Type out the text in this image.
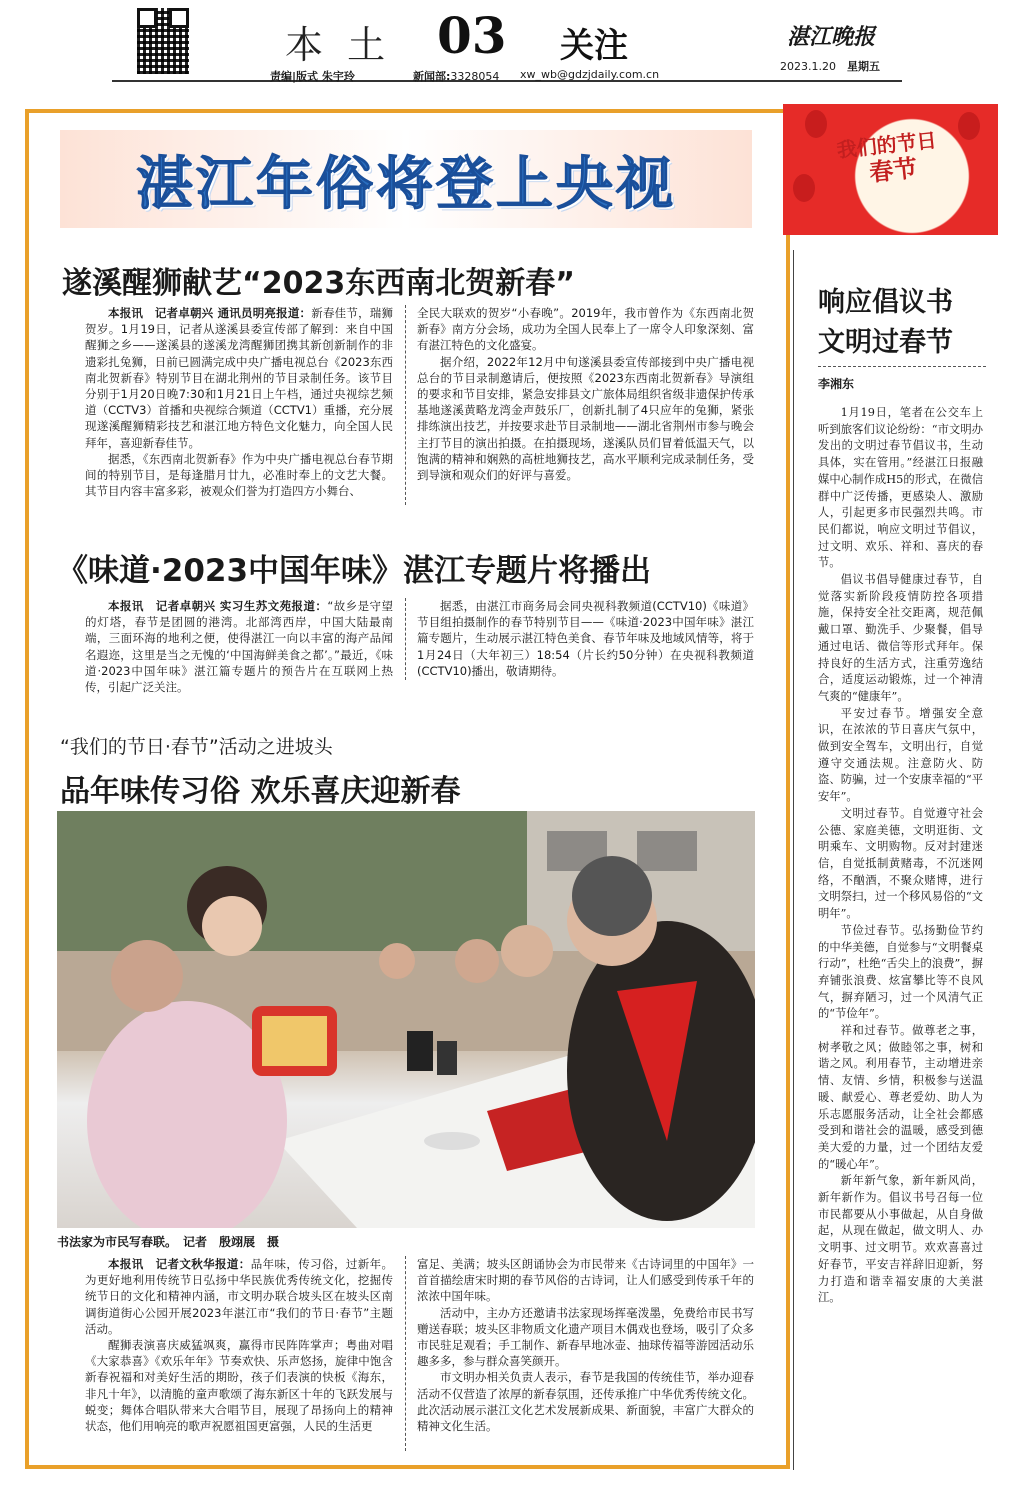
本 土 03 关注	湛江晚报
责编|版式 朱宇玲	新闻部:3328054 xw_wb@gdzjdaily.com.cn
2023.1.20　 星期五
湛江年俗将登上央视
我们的节日
春节
遂溪醒狮献艺“2023东西南北贺新春”

本报讯　记者卓朝兴 通讯员明亮报道：新春佳节，瑞狮贺岁。1月19日，记者从遂溪县委宣传部了解到：来自中国醒狮之乡——遂溪县的遂溪龙湾醒狮团携其新创新制作的非遗彩扎兔狮，日前已圆满完成中央广播电视总台《2023东西南北贺新春》特别节目在湖北荆州的节目录制任务。该节目分别于1月20日晚7:30和1月21日上午档，通过央视综艺频道（CCTV3）首播和央视综合频道（CCTV1）重播，充分展现遂溪醒狮精彩技艺和湛江地方特色文化魅力，向全国人民拜年，喜迎新春佳节。

据悉，《东西南北贺新春》作为中央广播电视总台春节期间的特别节目，是每逢腊月廿九，必准时奉上的文艺大餐。其节目内容丰富多彩，被观众们誉为打造四方小舞台、

全民大联欢的贺岁“小春晚”。2019年，我市曾作为《东西南北贺新春》南方分会场，成功为全国人民奉上了一席令人印象深刻、富有湛江特色的文化盛宴。

据介绍，2022年12月中旬遂溪县委宣传部接到中央广播电视总台的节目录制邀请后，便按照《2023东西南北贺新春》导演组的要求和节目安排，紧急安排县文广旅体局组织省级非遗保护传承基地遂溪黄略龙湾金声鼓乐厂，创新扎制了4只应年的兔狮，紧张排练演出技艺，并按要求赴节目录制地——湖北省荆州市参与晚会主打节目的演出拍摄。在拍摄现场，遂溪队员们冒着低温天气，以饱满的精神和娴熟的高桩地狮技艺，高水平顺利完成录制任务，受到导演和观众们的好评与喜爱。

《味道·2023中国年味》湛江专题片将播出

本报讯　记者卓朝兴 实习生苏文苑报道：“故乡是守望的灯塔，春节是团圆的港湾。北部湾西岸，中国大陆最南端，三面环海的地利之便，使得湛江一向以丰富的海产品闻名遐迩，这里是当之无愧的‘中国海鲜美食之都’。”最近，《味道·2023中国年味》湛江篇专题片的预告片在互联网上热传，引起广泛关注。

据悉，由湛江市商务局会同央视科教频道(CCTV10)《味道》节目组拍摄制作的春节特别节目——《味道·2023中国年味》湛江篇专题片，生动展示湛江特色美食、春节年味及地域风情等，将于1月24日（大年初三）18:54（片长约50分钟）在央视科教频道(CCTV10)播出，敬请期待。

“我们的节日·春节”活动之进坡头
品年味传习俗 欢乐喜庆迎新春
书法家为市民写春联。　记者　殷翊展　摄

本报讯　记者文秋华报道：品年味，传习俗，过新年。为更好地利用传统节日弘扬中华民族优秀传统文化，挖掘传统节日的文化和精神内涵，市文明办联合坡头区在坡头区南调街道街心公园开展2023年湛江市“我们的节日·春节”主题活动。

醒狮表演喜庆威猛飒爽，赢得市民阵阵掌声；粤曲对唱《大家恭喜》《欢乐年年》节奏欢快、乐声悠扬，旋律中饱含新春祝福和对美好生活的期盼，孩子们表演的快板《海东，非凡十年》，以清脆的童声歌颂了海东新区十年的飞跃发展与蜕变；舞体合唱队带来大合唱节目，展现了昂扬向上的精神状态，他们用响亮的歌声祝愿祖国更富强，人民的生活更

富足、美满；坡头区朗诵协会为市民带来《古诗词里的中国年》一首首描绘唐宋时期的春节风俗的古诗词，让人们感受到传承千年的浓浓中国年味。

活动中，主办方还邀请书法家现场挥毫泼墨，免费给市民书写赠送春联；坡头区非物质文化遗产项目木偶戏也登场，吸引了众多市民驻足观看；手工制作、新春早地冰壶、抽球传福等游园活动乐趣多多，参与群众喜笑颜开。

市文明办相关负责人表示，春节是我国的传统佳节，举办迎春活动不仅营造了浓厚的新春氛围，还传承推广中华优秀传统文化。此次活动展示湛江文化艺术发展新成果、新面貌，丰富广大群众的精神文化生活。

响应倡议书
文明过春节
李湘东

1月19日，笔者在公交车上听到旅客们议论纷纷：“市文明办发出的文明过春节倡议书，生动具体，实在管用。”经湛江日报融媒中心制作成H5的形式，在微信群中广泛传播，更感染人、激励人，引起更多市民强烈共鸣。市民们都说，响应文明过节倡议，过文明、欢乐、祥和、喜庆的春节。

倡议书倡导健康过春节，自觉落实新阶段疫情防控各项措施，保持安全社交距离，规范佩戴口罩、勤洗手、少聚餐，倡导通过电话、微信等形式拜年。保持良好的生活方式，注重劳逸结合，适度运动锻炼，过一个神清气爽的“健康年”。

平安过春节。增强安全意识，在浓浓的节日喜庆气氛中，做到安全驾车，文明出行，自觉遵守交通法规。注意防火、防盗、防骗，过一个安康幸福的“平安年”。

文明过春节。自觉遵守社会公德、家庭美德，文明逛街、文明乘车、文明购物。反对封建迷信，自觉抵制黄赌毒，不沉迷网络，不酗酒，不聚众赌博，进行文明祭扫，过一个移风易俗的“文明年”。

节俭过春节。弘扬勤俭节约的中华美德，自觉参与“文明餐桌行动”，杜绝“舌尖上的浪费”，摒弃铺张浪费、炫富攀比等不良风气，摒弃陋习，过一个风清气正的“节俭年”。

祥和过春节。做尊老之事，树孝敬之风；做睦邻之事，树和谐之风。利用春节，主动增进亲情、友情、乡情，积极参与送温暖、献爱心、尊老爱幼、助人为乐志愿服务活动，让全社会都感受到和谐社会的温暖，感受到德美大爱的力量，过一个团结友爱的“暖心年”。

新年新气象，新年新风尚，新年新作为。倡议书号召每一位市民都要从小事做起，从自身做起，从现在做起，做文明人、办文明事、过文明节。欢欢喜喜过好春节，平安吉祥辞旧迎新，努力打造和谐幸福安康的大美湛江。
